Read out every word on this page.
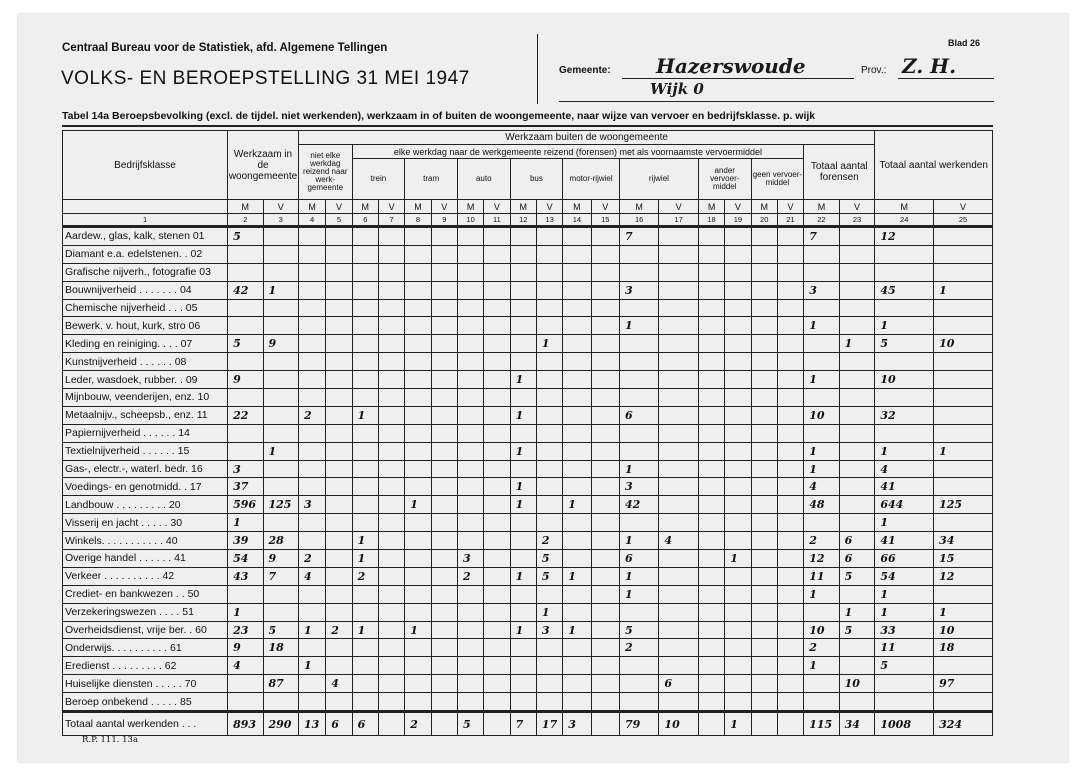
Centraal Bureau voor de Statistiek, afd. Algemene Tellingen
VOLKS- EN BEROEPSTELLING 31 MEI 1947
Blad 26
Gemeente: Hazerswoude	Prov.: Z. H.
Wijk 0
Tabel 14a Beroepsbevolking (excl. de tijdel. niet werkenden), werkzaam in of buiten de woongemeente, naar wijze van vervoer en bedrijfsklasse. p. wijk
R.P. 111. 13a
Bedrijfsklasse	Werkzaam in de woongemeente		Werkzaam buiten de woongemeente																				Totaal aantal werkenden	
			niet elke werkdag reizend naar werk-gemeente		elke werkdag naar de werkgemeente reizend (forensen) met als voornaamste vervoermiddel																Totaal aantal forensen			
					trein		tram		auto		bus		motor-rijwiel		rijwiel		ander vervoer-middel		geen vervoer-middel					
	M	V	M	V	M	V	M	V	M	V	M	V	M	V	M	V	M	V	M	V	M	V	M	V
1	2	3	4	5	6	7	8	9	10	11	12	13	14	15	16	17	18	19	20	21	22	23	24	25
Aardew., glas, kalk, stenen 01	5														7						7		12	
Diamant e.a. edelstenen. . 02																								
Grafische nijverh., fotografie 03																								
Bouwnijverheid . . . . . . . 04	42	1													3						3		45	1
Chemische nijverheid . . . 05																								
Bewerk. v. hout, kurk, stro 06															1						1		1	
Kleding en reiniging. . . . 07	5	9										1										1	5	10
Kunstnijverheid . . . . . . 08																								
Leder, wasdoek, rubber. . 09	9										1										1		10	
Mijnbouw, veenderijen, enz. 10																								
Metaalnijv., scheepsb., enz. 11	22		2		1						1				6						10		32	
Papiernijverheid . . . . . . 14																								
Textielnijverheid . . . . . . 15		1									1										1		1	1
Gas-, electr.-, waterl. bedr. 16	3														1						1		4	
Voedings- en genotmidd. . 17	37										1				3						4		41	
Landbouw . . . . . . . . . 20	596	125	3				1				1		1		42						48		644	125
Visserij en jacht . . . . . 30	1																						1	
Winkels. . . . . . . . . . . 40	39	28			1							2			1	4					2	6	41	34
Overige handel . . . . . . 41	54	9	2		1				3			5			6			1			12	6	66	15
Verkeer . . . . . . . . . . 42	43	7	4		2				2		1	5	1		1						11	5	54	12
Crediet- en bankwezen . . 50															1						1		1	
Verzekeringswezen . . . . 51	1											1										1	1	1
Overheidsdienst, vrije ber. . 60	23	5	1	2	1		1				1	3	1		5						10	5	33	10
Onderwijs. . . . . . . . . . 61	9	18													2						2		11	18
Eredienst . . . . . . . . . 62	4		1																		1		5	
Huiselijke diensten . . . . . 70		87		4												6						10		97
Beroep onbekend . . . . . 85																								
Totaal aantal werkenden . . .	893	290	13	6	6		2		5		7	17	3		79	10		1			115	34	1008	324
